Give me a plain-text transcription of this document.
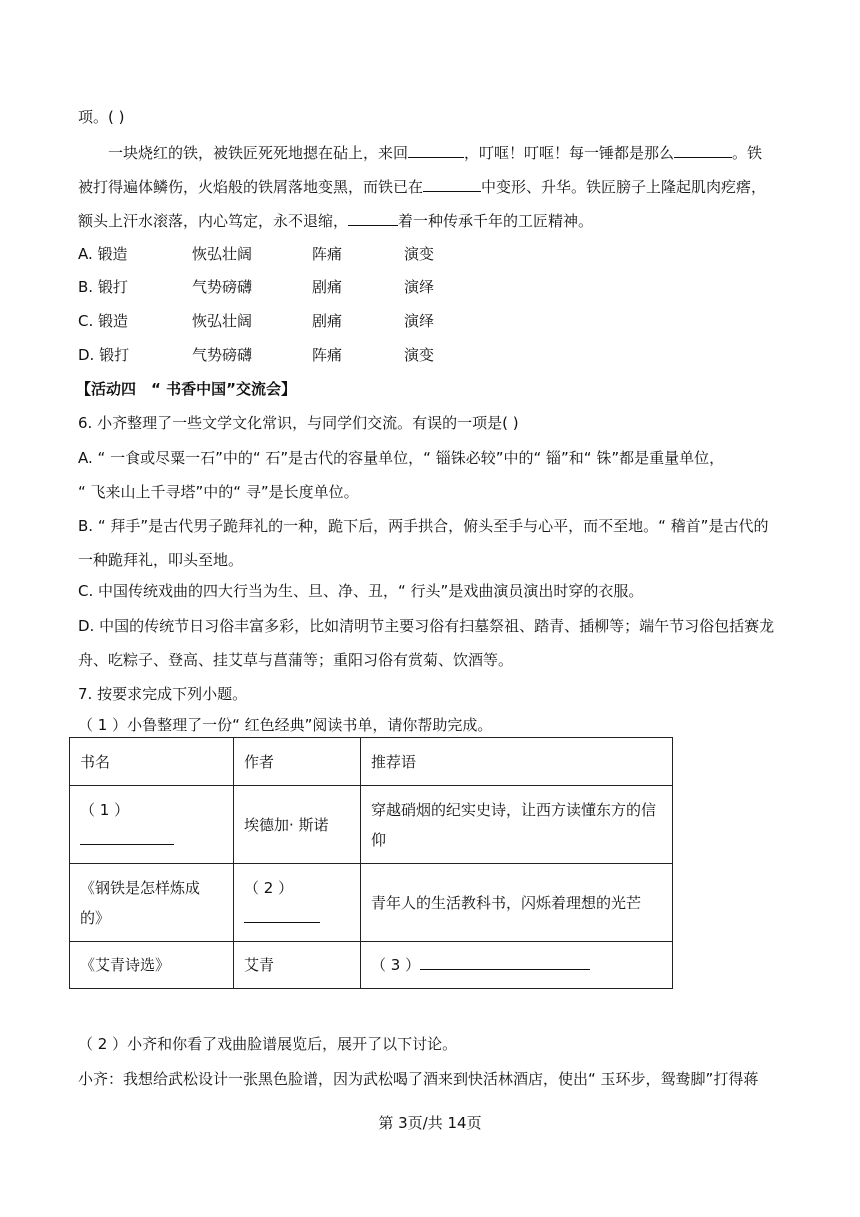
项。( )
一块烧红的铁，被铁匠死死地摁在砧上，来回	，叮哐！叮哐！每一锤都是那么	。铁
被打得遍体鳞伤，火焰般的铁屑落地变黑，而铁已在	中变形、升华。铁匠膀子上隆起肌肉疙瘩，
额头上汗水滚落，内心笃定，永不退缩，	着一种传承千年的工匠精神。
A. 锻造	恢弘壮阔	阵痛	演变
B. 锻打	气势磅礴	剧痛	演绎
C. 锻造	恢弘壮阔	剧痛	演绎
D. 锻打	气势磅礴	阵痛	演变
【活动四　“ 书香中国”交流会】
6. 小齐整理了一些文学文化常识，与同学们交流。有误的一项是( )
A. “ 一食或尽粟一石”中的“ 石”是古代的容量单位，“ 锱铢必较”中的“ 锱”和“ 铢”都是重量单位，
“ 飞来山上千寻塔”中的“ 寻”是长度单位。
B. “ 拜手”是古代男子跪拜礼的一种，跪下后，两手拱合，俯头至手与心平，而不至地。“ 稽首”是古代的
一种跪拜礼，叩头至地。
C. 中国传统戏曲的四大行当为生、旦、净、丑，“ 行头”是戏曲演员演出时穿的衣服。
D. 中国的传统节日习俗丰富多彩，比如清明节主要习俗有扫墓祭祖、踏青、插柳等；端午节习俗包括赛龙
舟、吃粽子、登高、挂艾草与菖蒲等；重阳习俗有赏菊、饮酒等。
7. 按要求完成下列小题。
（ 1 ）小鲁整理了一份“ 红色经典”阅读书单，请你帮助完成。
书名	作者	推荐语
（ 1 ）	埃德加· 斯诺	穿越硝烟的纪实史诗，让西方读懂东方的信
仰

《钢铁是怎样炼成
的》	（ 2 ）	青年人的生活教科书，闪烁着理想的光芒
《艾青诗选》	艾青	（ 3 ）
（ 2 ）小齐和你看了戏曲脸谱展览后，展开了以下讨论。
小齐：我想给武松设计一张黑色脸谱，因为武松喝了酒来到快活林酒店，使出“ 玉环步，鸳鸯脚”打得蒋
第 3页/共 14页
